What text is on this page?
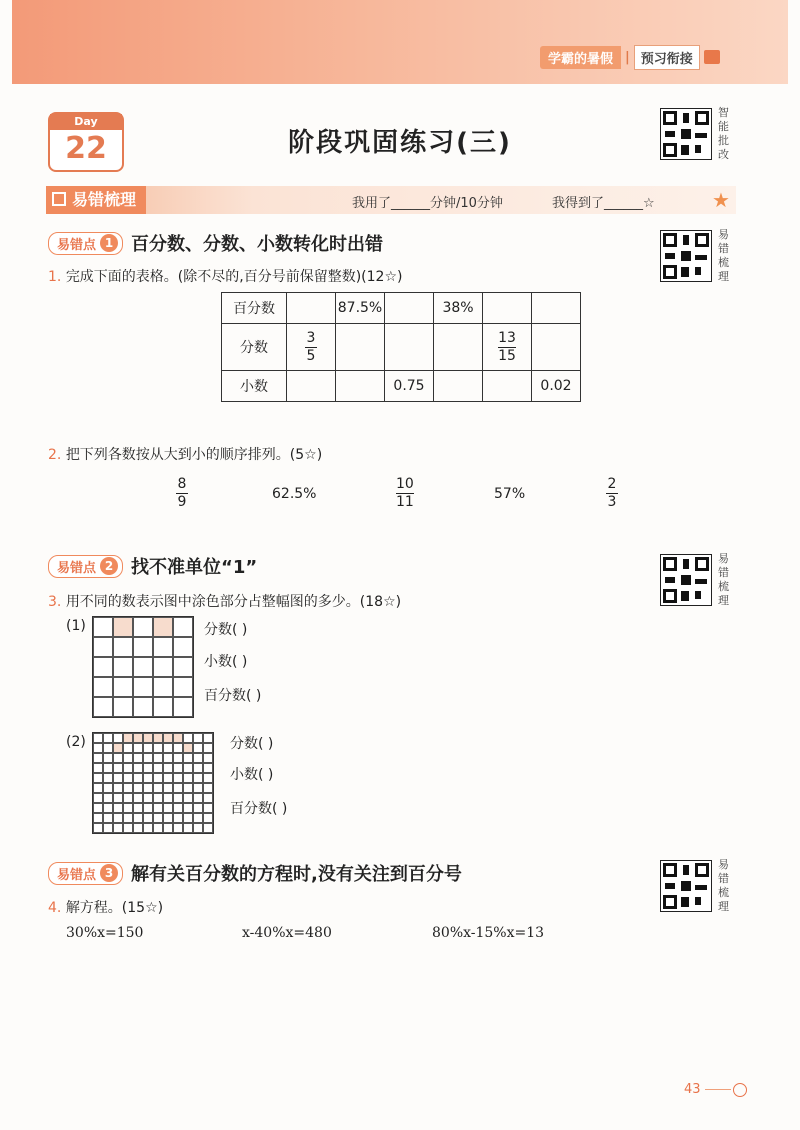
学霸的暑假 | 预习衔接
Day
22	阶段巩固练习(三)
智能批改
易错梳理
易错梳理
易错梳理
易错梳理	我用了______分钟/10分钟	我得到了______☆	★
易错点 1 百分数、分数、小数转化时出错
1. 完成下面的表格。(除不尽的,百分号前保留整数)(12☆)
百分数		87.5%		38%		
分数	$\frac{3}{5}$				$\frac{13}{15}$

小数			0.75			0.02
2. 把下列各数按从大到小的顺序排列。(5☆)
$\frac{8}{9}$	62.5%	$\frac{10}{11}$	57%	$\frac{2}{3}$
易错点 2 找不准单位“1”
3. 用不同的数表示图中涂色部分占整幅图的多少。(18☆)
(1)	分数( )
小数( )
百分数( )
(2)	分数( )
小数( )
百分数( )
易错点 3 解有关百分数的方程时,没有关注到百分号
4. 解方程。(15☆)
30%x=150	x-40%x=480	80%x-15%x=13
43
